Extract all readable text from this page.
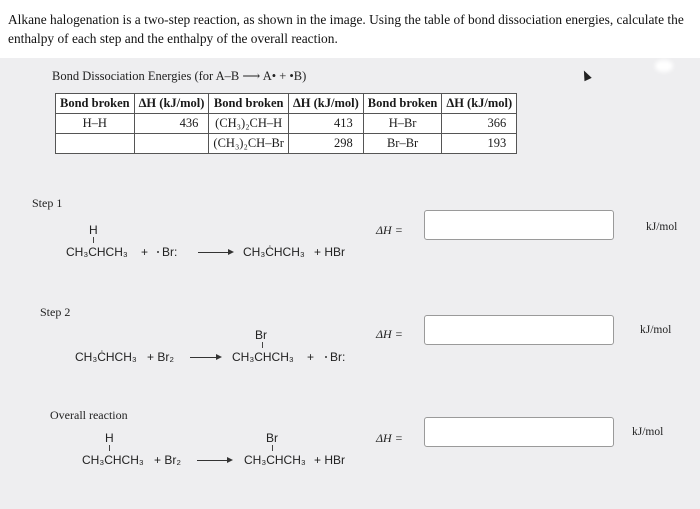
Alkane halogenation is a two-step reaction, as shown in the image. Using the table of bond dissociation energies, calculate the enthalpy of each step and the enthalpy of the overall reaction.
Bond Dissociation Energies (for A–B ⟶ A• + •B)
Bond broken	ΔH (kJ/mol)	Bond broken	ΔH (kJ/mol)	Bond broken	ΔH (kJ/mol)
H–H	436	(CH₃)₂CH–H	413	H–Br	366
		(CH₃)₂CH–Br	298	Br–Br	193
Step 1
H
CH₃CHCH₃ + Br:	CH₃ĊHCH₃ + HBr
ΔH =	kJ/mol
Step 2
CH₃ĊHCH₃ + Br₂
Br
CH₃CHCH₃ + Br:
ΔH =	kJ/mol
Overall reaction
H
CH₃CHCH₃ + Br₂
Br
CH₃CHCH₃ + HBr
ΔH =	kJ/mol
